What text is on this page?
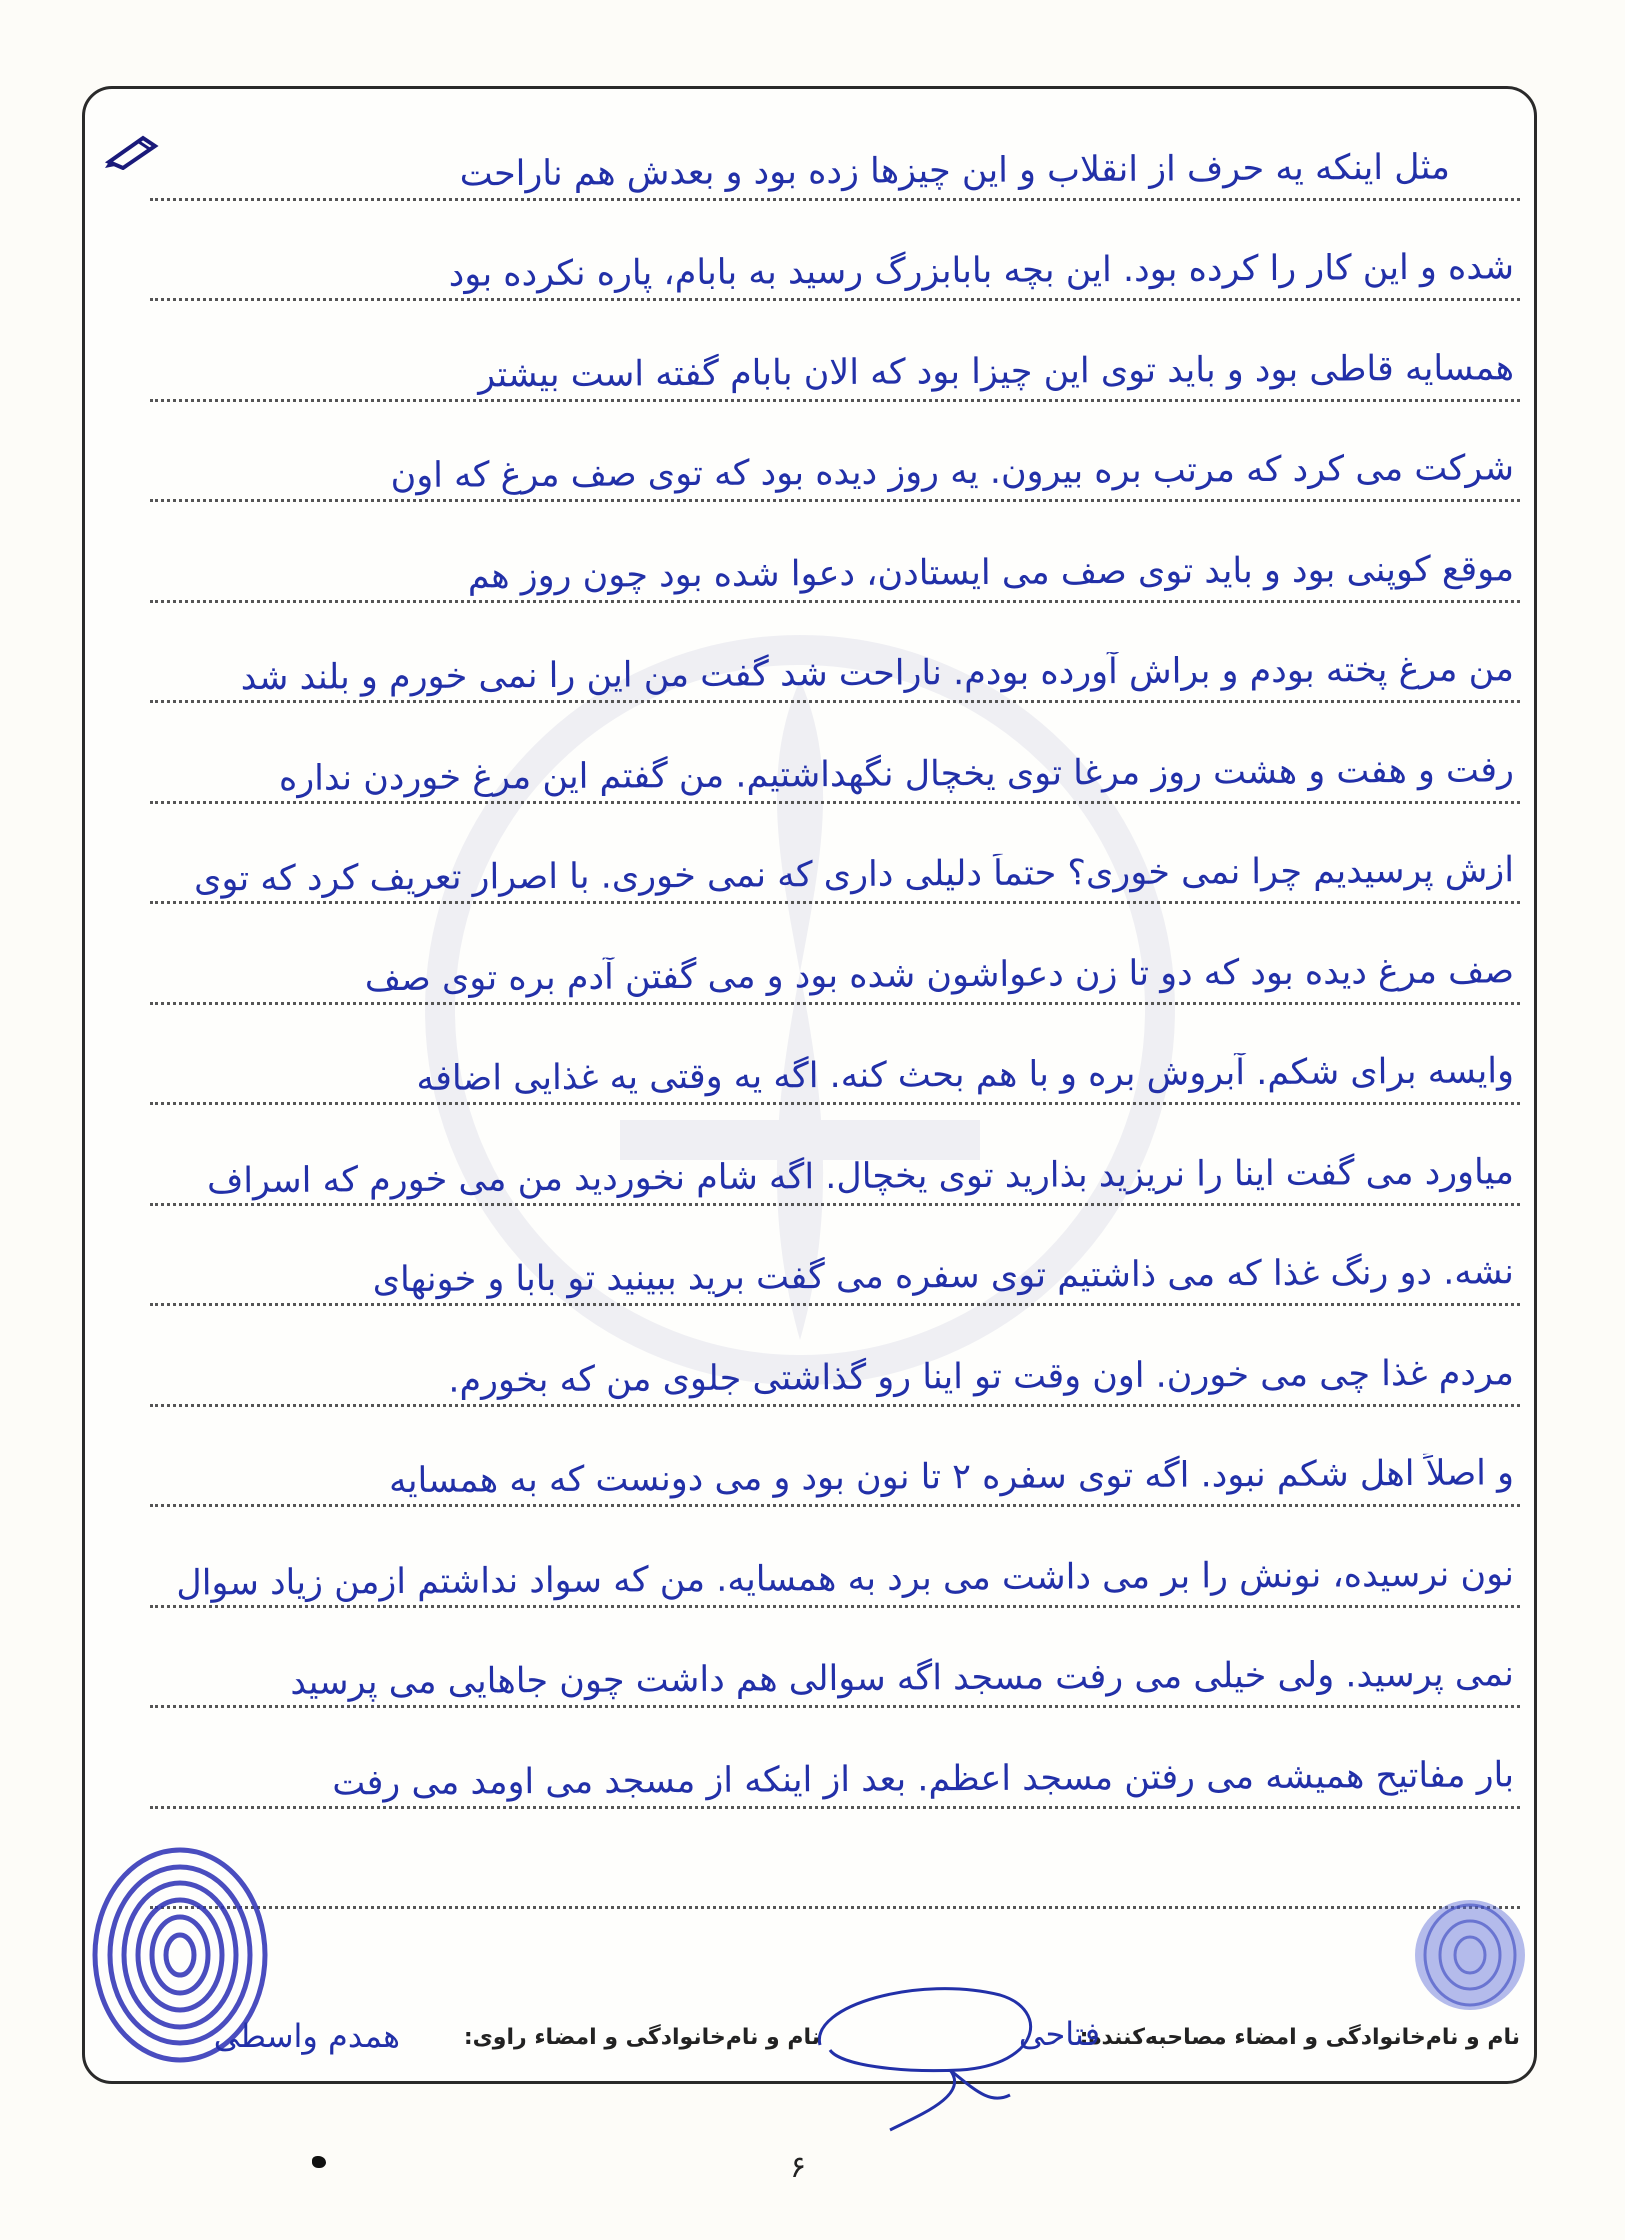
مثل اینکه یه حرف از انقلاب و این چیزها زده بود و بعدش هم ناراحت
شده و این کار را کرده بود. این بچه بابابزرگ رسید به بابام، پاره نکرده بود
همسایه قاطی بود و باید توی این چیزا بود که الان بابام گفته است بیشتر
شرکت می کرد که مرتب بره بیرون. یه روز دیده بود که توی صف مرغ که اون
موقع کوپنی بود و باید توی صف می ایستادن، دعوا شده بود چون روز هم
من مرغ پخته بودم و براش آورده بودم. ناراحت شد گفت من این را نمی خورم و بلند شد
رفت و هفت و هشت روز مرغا توی یخچال نگهداشتیم. من گفتم این مرغ خوردن نداره
ازش پرسیدیم چرا نمی خوری؟ حتماً دلیلی داری که نمی خوری. با اصرار تعریف کرد که توی
صف مرغ دیده بود که دو تا زن دعواشون شده بود و می گفتن آدم بره توی صف
وایسه برای شکم. آبروش بره و با هم بحث کنه. اگه یه وقتی یه غذایی اضافه
میاورد می گفت اینا را نریزید بذارید توی یخچال. اگه شام نخوردید من می خورم که اسراف
نشه. دو رنگ غذا که می ذاشتیم توی سفره می گفت برید ببینید تو بابا و خونهای
مردم غذا چی می خورن. اون وقت تو اینا رو گذاشتی جلوی من که بخورم.
و اصلاً اهل شکم نبود. اگه توی سفره ۲ تا نون بود و می دونست که به همسایه
نون نرسیده، نونش را بر می داشت می برد به همسایه. من که سواد نداشتم ازمن زیاد سوال
نمی پرسید. ولی خیلی می رفت مسجد اگه سوالی هم داشت چون جاهایی می پرسید
بار مفاتیح همیشه می رفتن مسجد اعظم. بعد از اینکه از مسجد می اومد می رفت
نام و نام‌خانوادگی و امضاء مصاحبه‌کننده:
فتاحی
نام و نام‌خانوادگی و امضاء راوی:
همدم واسطی
۶
